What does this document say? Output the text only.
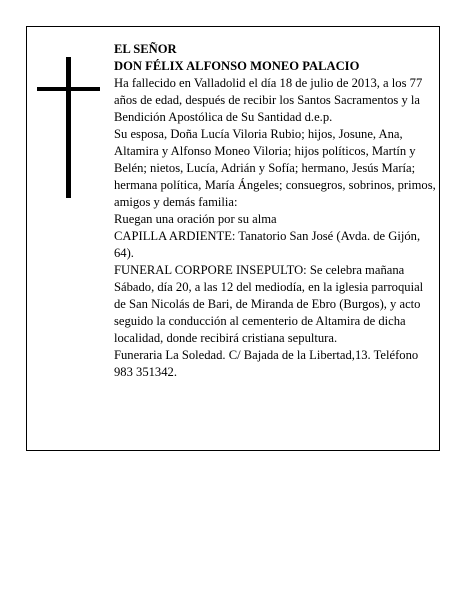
EL SEÑOR

DON FÉLIX ALFONSO MONEO PALACIO

Ha fallecido en Valladolid el día 18 de julio de 2013, a los 77 años de edad, después de recibir los Santos Sacramentos y la Bendición Apostólica de Su Santidad d.e.p.

Su esposa, Doña Lucía Viloria Rubio; hijos, Josune, Ana, Altamira y Alfonso Moneo Viloria; hijos políticos, Martín y Belén; nietos, Lucía, Adrián y Sofía; hermano, Jesús María; hermana política, María Ángeles; consuegros, sobrinos, primos, amigos y demás familia:

Ruegan una oración por su alma

CAPILLA ARDIENTE: Tanatorio San José (Avda. de Gijón, 64).

FUNERAL CORPORE INSEPULTO: Se celebra mañana Sábado, día 20, a las 12 del mediodía, en la iglesia parroquial de San Nicolás de Bari, de Miranda de Ebro (Burgos), y acto seguido la conducción al cementerio de Altamira de dicha localidad, donde recibirá cristiana sepultura.

Funeraria La Soledad. C/ Bajada de la Libertad,13. Teléfono 983 351342.
